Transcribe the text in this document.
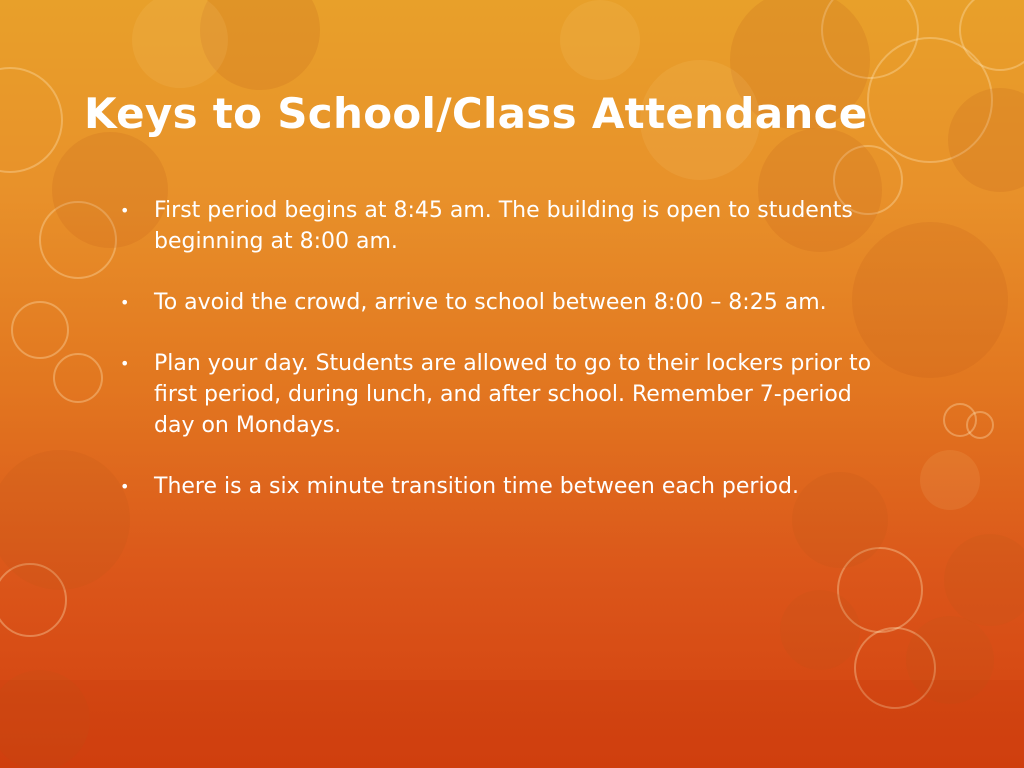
Keys to School/Class Attendance
• First period begins at 8:45 am. The building is open to students beginning at 8:00 am.
• To avoid the crowd, arrive to school between 8:00 – 8:25 am.
• Plan your day. Students are allowed to go to their lockers prior to first period, during lunch, and after school. Remember 7-period day on Mondays.
• There is a six minute transition time between each period.
